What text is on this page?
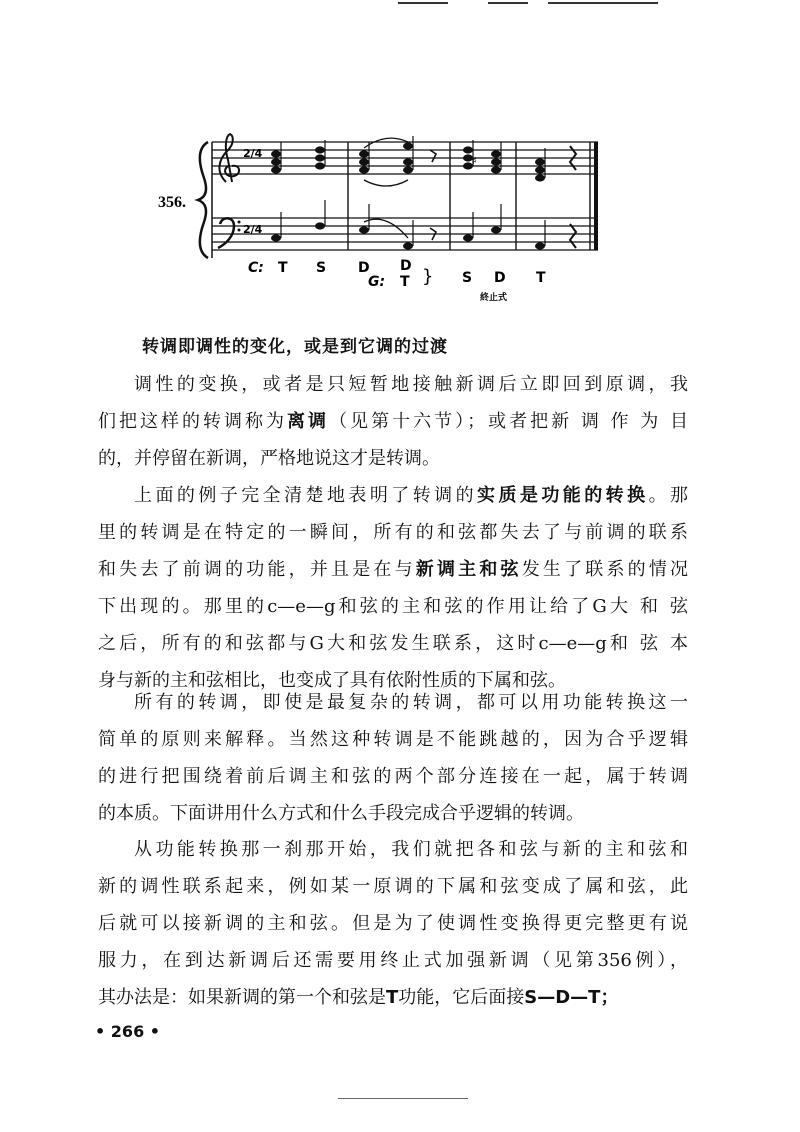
356.
2/4
2/4
♯
C: T S D D
G: T } S D T
終止式
转调即调性的变化，或是到它调的过渡
调性的变换，或者是只短暂地接触新调后立即回到原调，我
们把这样的转调称为离调（见第十六节）；或者把新 调 作 为 目
的，并停留在新调，严格地说这才是转调。
上面的例子完全清楚地表明了转调的实质是功能的转换。那
里的转调是在特定的一瞬间，所有的和弦都失去了与前调的联系
和失去了前调的功能，并且是在与新调主和弦发生了联系的情况
下出现的。那里的c—e—g和弦的主和弦的作用让给了G大 和 弦
之后，所有的和弦都与G大和弦发生联系，这时c—e—g和 弦 本
身与新的主和弦相比，也变成了具有依附性质的下属和弦。
所有的转调，即使是最复杂的转调，都可以用功能转换这一
简单的原则来解释。当然这种转调是不能跳越的，因为合乎逻辑
的进行把围绕着前后调主和弦的两个部分连接在一起，属于转调
的本质。下面讲用什么方式和什么手段完成合乎逻辑的转调。
从功能转换那一刹那开始，我们就把各和弦与新的主和弦和
新的调性联系起来，例如某一原调的下属和弦变成了属和弦，此
后就可以接新调的主和弦。但是为了使调性变换得更完整更有说
服力，在到达新调后还需要用终止式加强新调（见第356例），
其办法是：如果新调的第一个和弦是T功能，它后面接S—D—T；
• 266 •
